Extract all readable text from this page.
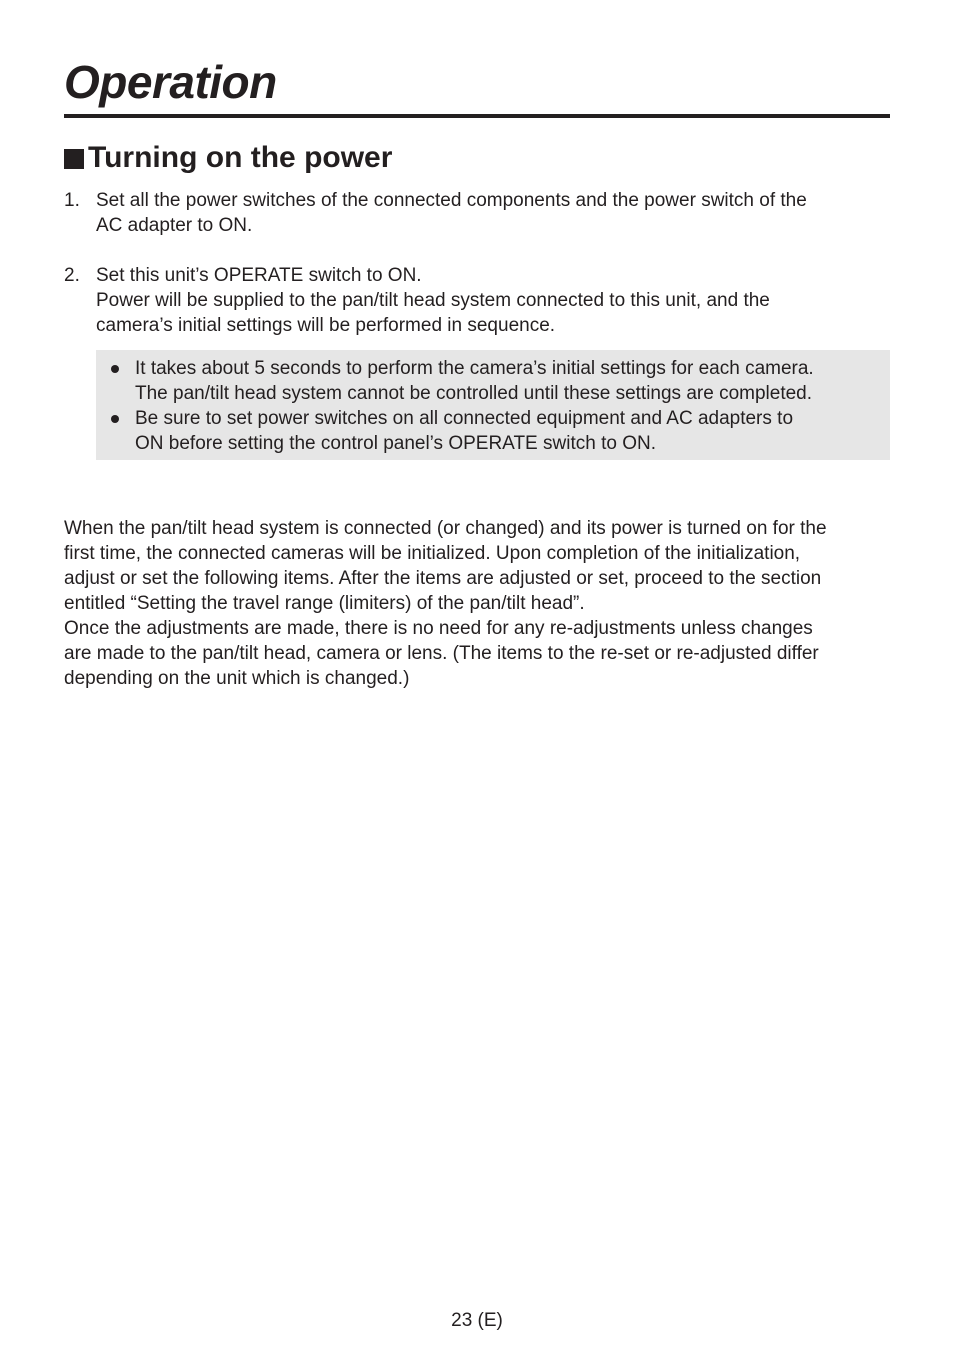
Operation
Turning on the power
1. Set all the power switches of the connected components and the power switch of the
AC adapter to ON.
2. Set this unit’s OPERATE switch to ON.
Power will be supplied to the pan/tilt head system connected to this unit, and the
camera’s initial settings will be performed in sequence.
It takes about 5 seconds to perform the camera’s initial settings for each camera.
The pan/tilt head system cannot be controlled until these settings are completed.
Be sure to set power switches on all connected equipment and AC adapters to
ON before setting the control panel’s OPERATE switch to ON.

When the pan/tilt head system is connected (or changed) and its power is turned on for the

first time, the connected cameras will be initialized. Upon completion of the initialization,

adjust or set the following items. After the items are adjusted or set, proceed to the section

entitled “Setting the travel range (limiters) of the pan/tilt head”.

Once the adjustments are made, there is no need for any re-adjustments unless changes

are made to the pan/tilt head, camera or lens. (The items to the re-set or re-adjusted differ

depending on the unit which is changed.)

23 (E)
